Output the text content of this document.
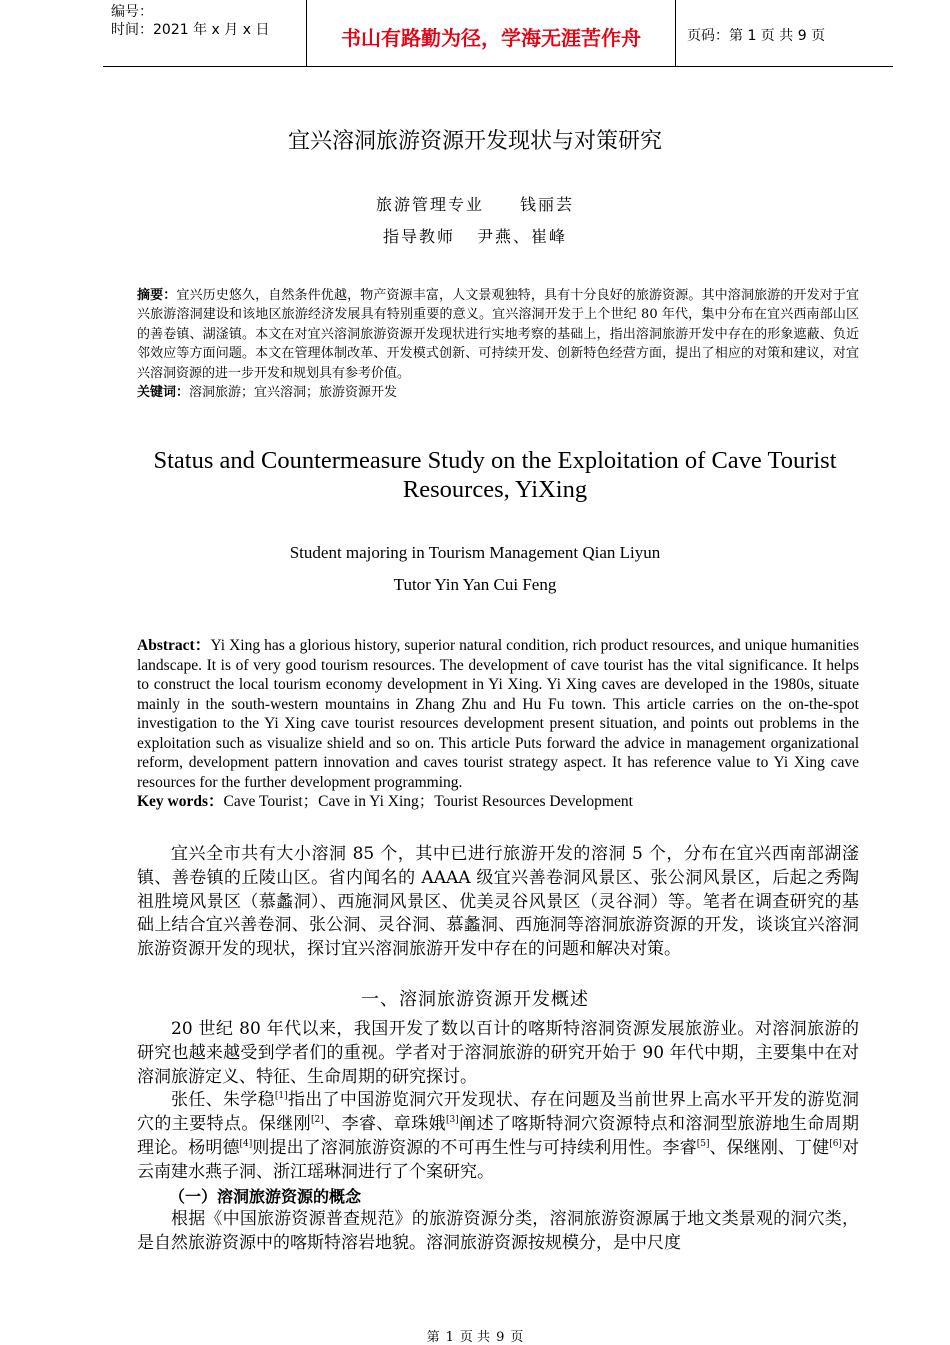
编号：
时间：2021 年 x 月 x 日	书山有路勤为径，学海无涯苦作舟	页码：第 1 页 共 9 页
宜兴溶洞旅游资源开发现状与对策研究
旅游管理专业 钱丽芸
指导教师 尹燕、崔峰
摘要：宜兴历史悠久，自然条件优越，物产资源丰富，人文景观独特，具有十分良好的旅游资源。其中溶洞旅游的开发对于宜兴旅游溶洞建设和该地区旅游经济发展具有特别重要的意义。宜兴溶洞开发于上个世纪 80 年代，集中分布在宜兴西南部山区的善卷镇、湖滏镇。本文在对宜兴溶洞旅游资源开发现状进行实地考察的基础上，指出溶洞旅游开发中存在的形象遮蔽、负近邻效应等方面问题。本文在管理体制改革、开发模式创新、可持续开发、创新特色经营方面，提出了相应的对策和建议，对宜兴溶洞资源的进一步开发和规划具有参考价值。
关键词：溶洞旅游；宜兴溶洞；旅游资源开发
Status and Countermeasure Study on the Exploitation of Cave Tourist Resources, YiXing
Student majoring in Tourism Management Qian Liyun
Tutor Yin Yan Cui Feng
Abstract：Yi Xing has a glorious history, superior natural condition, rich product resources, and unique humanities landscape. It is of very good tourism resources. The development of cave tourist has the vital significance. It helps to construct the local tourism economy development in Yi Xing. Yi Xing caves are developed in the 1980s, situate mainly in the south-western mountains in Zhang Zhu and Hu Fu town. This article carries on the on-the-spot investigation to the Yi Xing cave tourist resources development present situation, and points out problems in the exploitation such as visualize shield and so on. This article Puts forward the advice in management organizational reform, development pattern innovation and caves tourist strategy aspect. It has reference value to Yi Xing cave resources for the further development programming.
Key words：Cave Tourist；Cave in Yi Xing；Tourist Resources Development

宜兴全市共有大小溶洞 85 个，其中已进行旅游开发的溶洞 5 个，分布在宜兴西南部湖滏镇、善卷镇的丘陵山区。省内闻名的 AAAA 级宜兴善卷洞风景区、张公洞风景区，后起之秀陶祖胜境风景区（慕蠡洞）、西施洞风景区、优美灵谷风景区（灵谷洞）等。笔者在调查研究的基础上结合宜兴善卷洞、张公洞、灵谷洞、慕蠡洞、西施洞等溶洞旅游资源的开发，谈谈宜兴溶洞旅游资源开发的现状，探讨宜兴溶洞旅游开发中存在的问题和解决对策。

一、溶洞旅游资源开发概述

20 世纪 80 年代以来，我国开发了数以百计的喀斯特溶洞资源发展旅游业。对溶洞旅游的研究也越来越受到学者们的重视。学者对于溶洞旅游的研究开始于 90 年代中期，主要集中在对溶洞旅游定义、特征、生命周期的研究探讨。

张任、朱学稳[1]指出了中国游览洞穴开发现状、存在问题及当前世界上高水平开发的游览洞穴的主要特点。保继刚[2]、李睿、章珠娥[3]阐述了喀斯特洞穴资源特点和溶洞型旅游地生命周期理论。杨明德[4]则提出了溶洞旅游资源的不可再生性与可持续利用性。李睿[5]、保继刚、丁健[6]对云南建水燕子洞、浙江瑶琳洞进行了个案研究。

（一）溶洞旅游资源的概念

根据《中国旅游资源普查规范》的旅游资源分类，溶洞旅游资源属于地文类景观的洞穴类，是自然旅游资源中的喀斯特溶岩地貌。溶洞旅游资源按规模分，是中尺度

第 1 页 共 9 页
